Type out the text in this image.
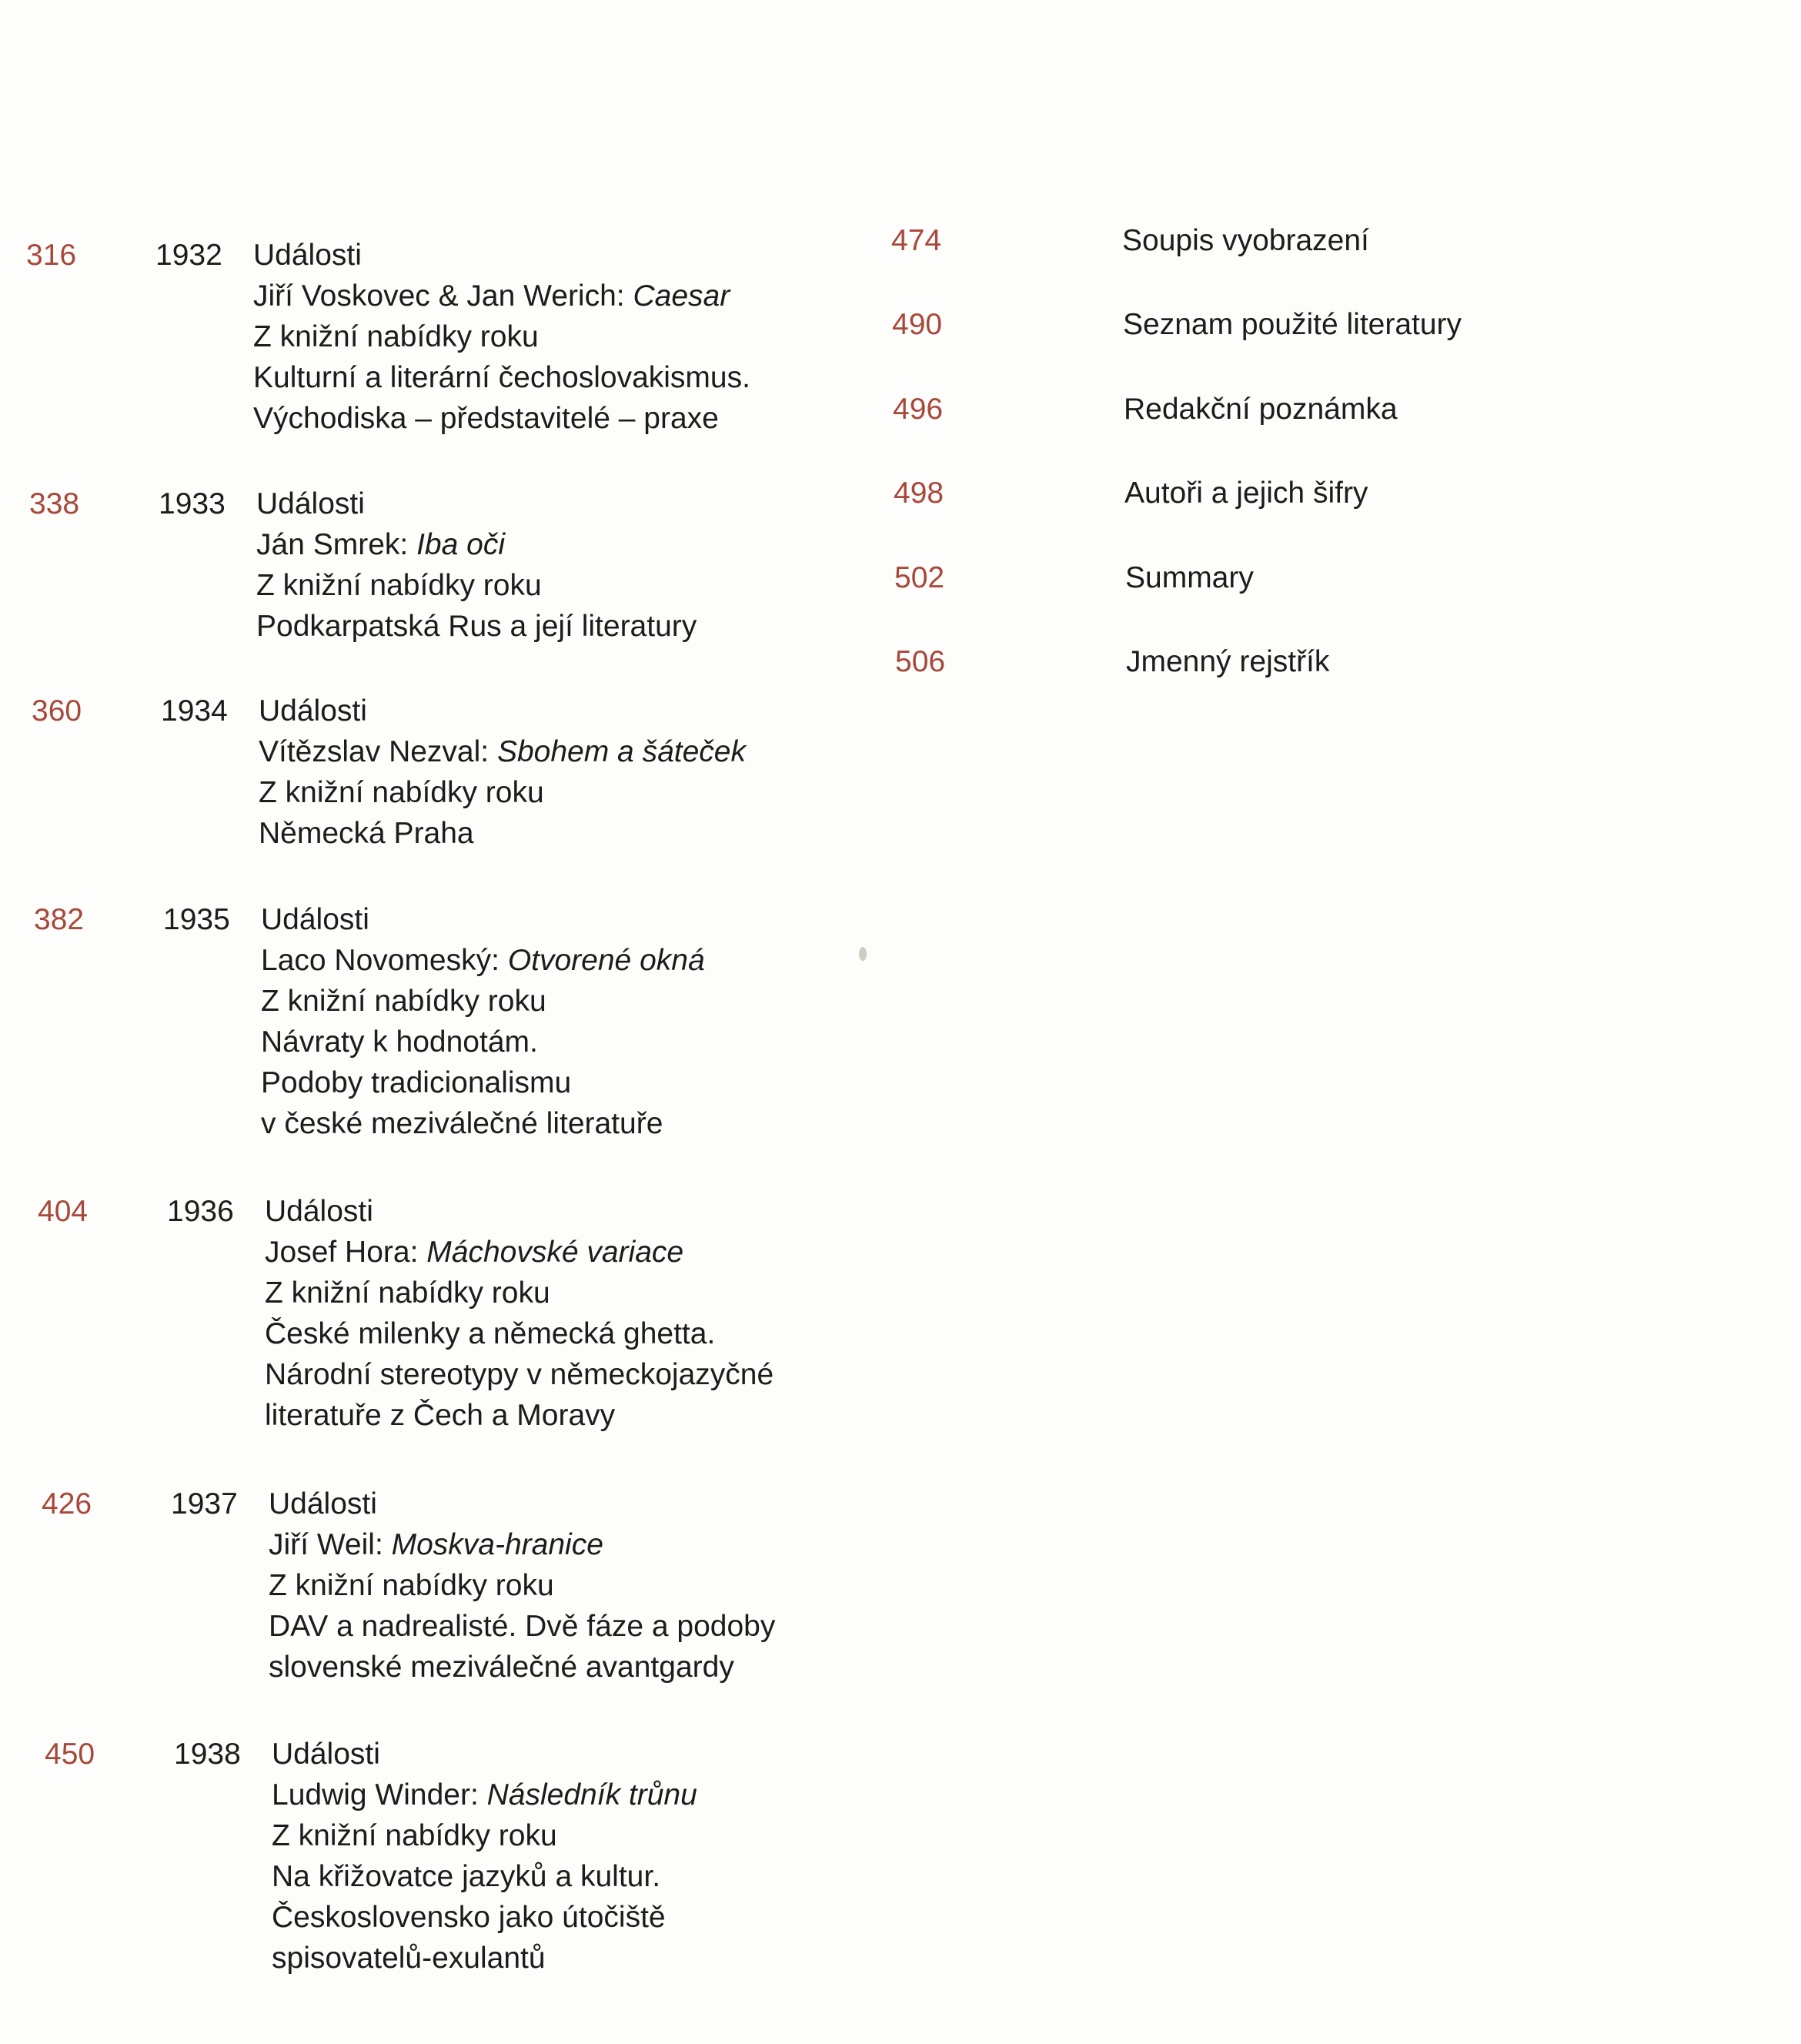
316	1932 Události
Jiří Voskovec & Jan Werich: Caesar
Z knižní nabídky roku
Kulturní a literární čechoslovakismus.
Východiska – představitelé – praxe
338	1933 Události
Ján Smrek: Iba oči
Z knižní nabídky roku
Podkarpatská Rus a její literatury
360	1934 Události
Vítězslav Nezval: Sbohem a šáteček
Z knižní nabídky roku
Německá Praha
382	1935 Události
Laco Novomeský: Otvorené okná
Z knižní nabídky roku
Návraty k hodnotám.
Podoby tradicionalismu
v české meziválečné literatuře
404	1936 Události
Josef Hora: Máchovské variace
Z knižní nabídky roku
České milenky a německá ghetta.
Národní stereotypy v německojazyčné
literatuře z Čech a Moravy
426	1937 Události
Jiří Weil: Moskva-hranice
Z knižní nabídky roku
DAV a nadrealisté. Dvě fáze a podoby
slovenské meziválečné avantgardy
450	1938 Události
Ludwig Winder: Následník trůnu
Z knižní nabídky roku
Na křižovatce jazyků a kultur.
Československo jako útočiště
spisovatelů-exulantů
474	Soupis vyobrazení
490	Seznam použité literatury
496	Redakční poznámka
498	Autoři a jejich šifry
502	Summary
506	Jmenný rejstřík
